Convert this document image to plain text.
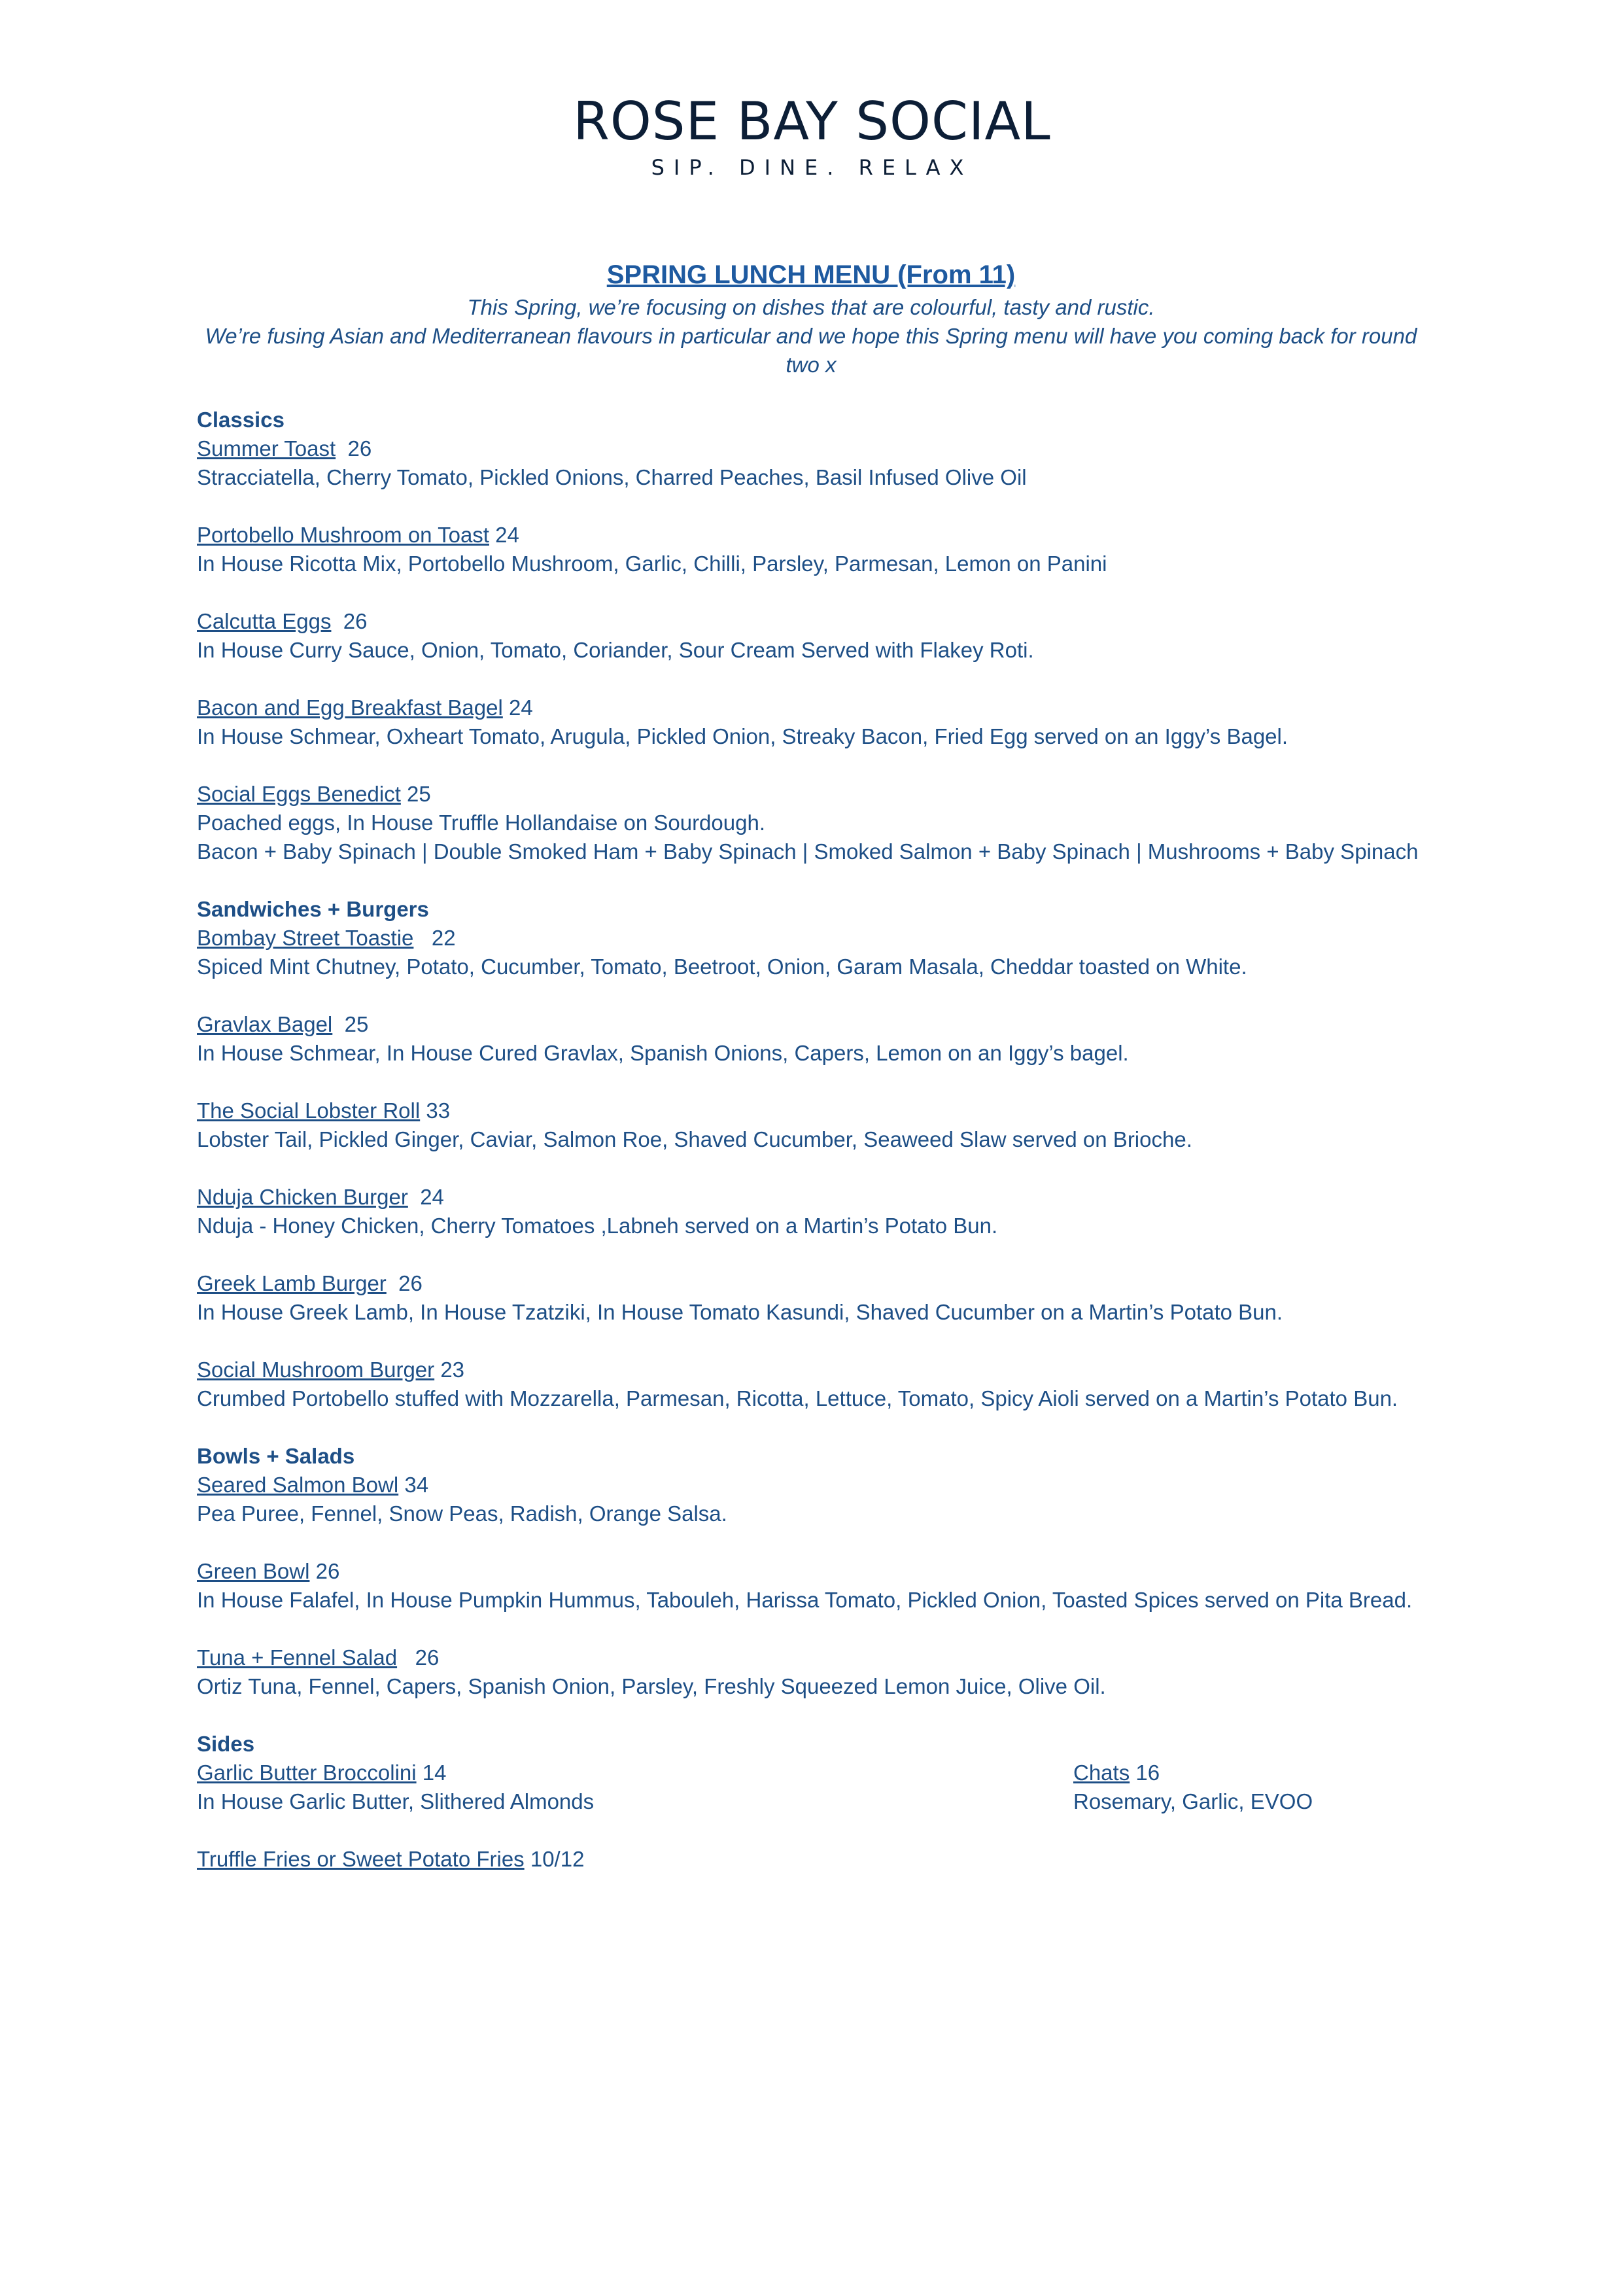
ROSE BAY SOCIAL
SIP. DINE. RELAX
SPRING LUNCH MENU (From 11)
This Spring, we’re focusing on dishes that are colourful, tasty and rustic.
We’re fusing Asian and Mediterranean flavours in particular and we hope this Spring menu will have you coming back for round two x
Classics
Summer Toast 26
Stracciatella, Cherry Tomato, Pickled Onions, Charred Peaches, Basil Infused Olive Oil
Portobello Mushroom on Toast 24
In House Ricotta Mix, Portobello Mushroom, Garlic, Chilli, Parsley, Parmesan, Lemon on Panini
Calcutta Eggs 26
In House Curry Sauce, Onion, Tomato, Coriander, Sour Cream Served with Flakey Roti.
Bacon and Egg Breakfast Bagel 24
In House Schmear, Oxheart Tomato, Arugula, Pickled Onion, Streaky Bacon, Fried Egg served on an Iggy’s Bagel.
Social Eggs Benedict 25
Poached eggs, In House Truffle Hollandaise on Sourdough.
Bacon + Baby Spinach | Double Smoked Ham + Baby Spinach | Smoked Salmon + Baby Spinach | Mushrooms + Baby Spinach
Sandwiches + Burgers
Bombay Street Toastie 22
Spiced Mint Chutney, Potato, Cucumber, Tomato, Beetroot, Onion, Garam Masala, Cheddar toasted on White.
Gravlax Bagel 25
In House Schmear, In House Cured Gravlax, Spanish Onions, Capers, Lemon on an Iggy’s bagel.
The Social Lobster Roll 33
Lobster Tail, Pickled Ginger, Caviar, Salmon Roe, Shaved Cucumber, Seaweed Slaw served on Brioche.
Nduja Chicken Burger 24
Nduja - Honey Chicken, Cherry Tomatoes ,Labneh served on a Martin’s Potato Bun.
Greek Lamb Burger 26
In House Greek Lamb, In House Tzatziki, In House Tomato Kasundi, Shaved Cucumber on a Martin’s Potato Bun.
Social Mushroom Burger 23
Crumbed Portobello stuffed with Mozzarella, Parmesan, Ricotta, Lettuce, Tomato, Spicy Aioli served on a Martin’s Potato Bun.
Bowls + Salads
Seared Salmon Bowl 34
Pea Puree, Fennel, Snow Peas, Radish, Orange Salsa.
Green Bowl 26
In House Falafel, In House Pumpkin Hummus, Tabouleh, Harissa Tomato, Pickled Onion, Toasted Spices served on Pita Bread.
Tuna + Fennel Salad 26
Ortiz Tuna, Fennel, Capers, Spanish Onion, Parsley, Freshly Squeezed Lemon Juice, Olive Oil.
Sides
Garlic Butter Broccolini 14
In House Garlic Butter, Slithered Almonds
Chats 16
Rosemary, Garlic, EVOO
Truffle Fries or Sweet Potato Fries 10/12
